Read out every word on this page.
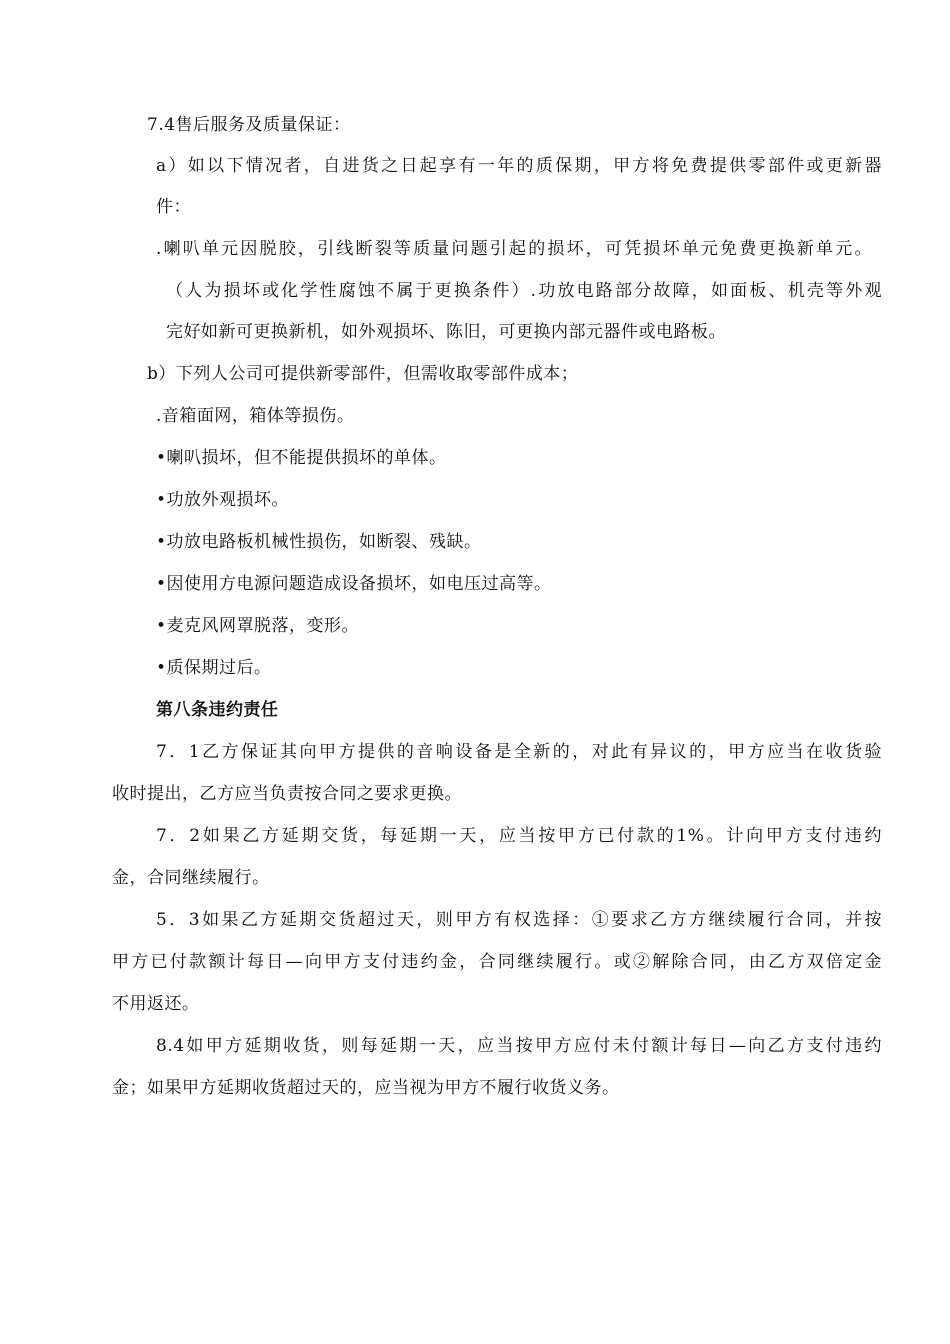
7.4售后服务及质量保证：
a）如以下情况者，自进货之日起享有一年的质保期，甲方将免费提供零部件或更新器
件：
.喇叭单元因脱胶，引线断裂等质量问题引起的损坏，可凭损坏单元免费更换新单元。
（人为损坏或化学性腐蚀不属于更换条件）.功放电路部分故障，如面板、机壳等外观
完好如新可更换新机，如外观损坏、陈旧，可更换内部元器件或电路板。
b）下列人公司可提供新零部件，但需收取零部件成本；
.音箱面网，箱体等损伤。
•喇叭损坏，但不能提供损坏的单体。
•功放外观损坏。
•功放电路板机械性损伤，如断裂、残缺。
•因使用方电源问题造成设备损坏，如电压过高等。
•麦克风网罩脱落，变形。
•质保期过后。
第八条违约责任
7．1乙方保证其向甲方提供的音响设备是全新的，对此有异议的，甲方应当在收货验
收时提出，乙方应当负责按合同之要求更换。
7．2如果乙方延期交货，每延期一天，应当按甲方已付款的1%。计向甲方支付违约
金，合同继续履行。
5．3如果乙方延期交货超过天，则甲方有权选择：①要求乙方方继续履行合同，并按
甲方已付款额计每日—向甲方支付违约金，合同继续履行。或②解除合同，由乙方双倍定金
不用返还。
8.4如甲方延期收货，则每延期一天，应当按甲方应付未付额计每日—向乙方支付违约
金；如果甲方延期收货超过天的，应当视为甲方不履行收货义务。
